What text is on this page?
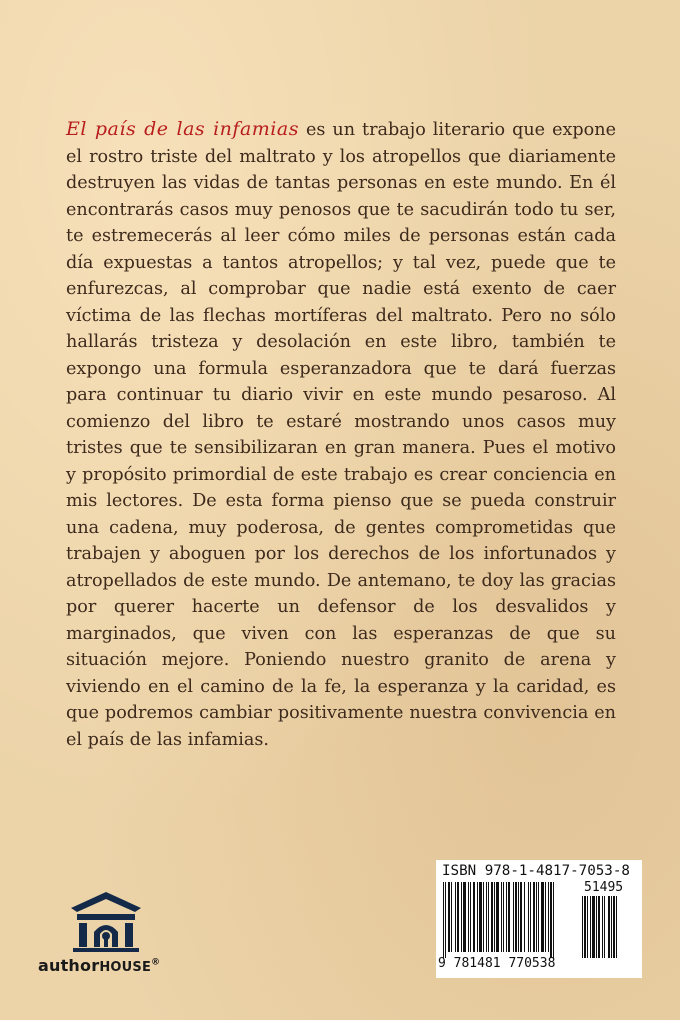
El país de las infamias es un trabajo literario que expone el rostro triste del maltrato y los atropellos que diariamente destruyen las vidas de tantas personas en este mundo. En él encontrarás casos muy penosos que te sacudirán todo tu ser, te estremecerás al leer cómo miles de personas están cada día expuestas a tantos atropellos; y tal vez, puede que te enfurezcas, al comprobar que nadie está exento de caer víctima de las flechas mortíferas del maltrato. Pero no sólo hallarás tristeza y desolación en este libro, también te expongo una formula esperanzadora que te dará fuerzas para continuar tu diario vivir en este mundo pesaroso. Al comienzo del libro te estaré mostrando unos casos muy tristes que te sensibilizaran en gran manera. Pues el motivo y propósito primordial de este trabajo es crear conciencia en mis lectores. De esta forma pienso que se pueda construir una cadena, muy poderosa, de gentes comprometidas que trabajen y aboguen por los derechos de los infortunados y atropellados de este mundo. De antemano, te doy las gracias por querer hacerte un defensor de los desvalidos y marginados, que viven con las esperanzas de que su situación mejore. Poniendo nuestro granito de arena y viviendo en el camino de la fe, la esperanza y la caridad, es que podremos cambiar positivamente nuestra convivencia en el país de las infamias.

authorHOUSE®
ISBN 978-1-4817-7053-8
51495
9 781481 770538
